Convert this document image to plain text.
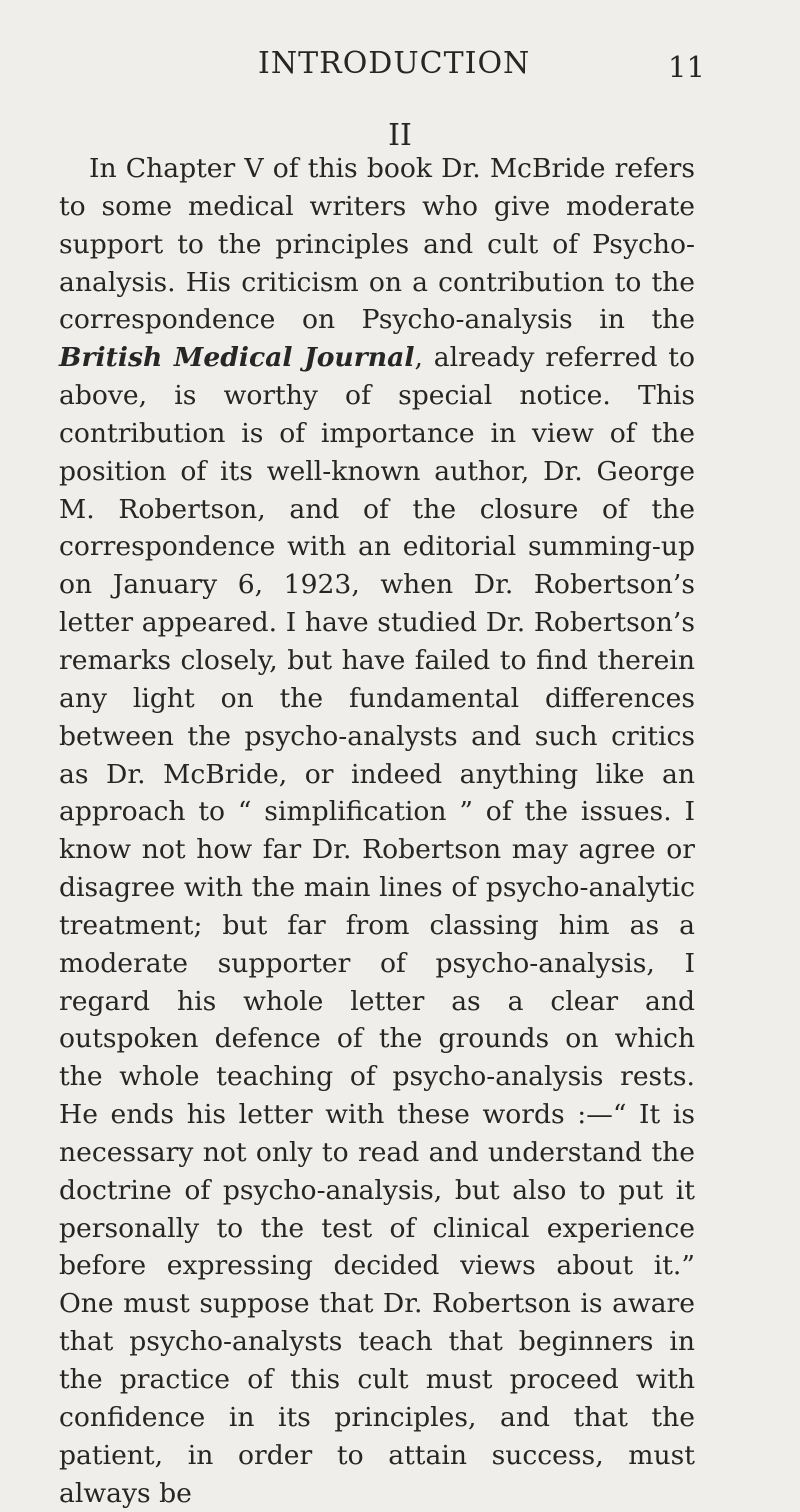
INTRODUCTION	11
II

In Chapter V of this book Dr. McBride refers to some medical writers who give moderate support to the principles and cult of Psycho-analysis. His criticism on a contribution to the correspondence on Psycho-analysis in the British Medical Journal, already referred to above, is worthy of special notice. This contribution is of importance in view of the position of its well-known author, Dr. George M. Robertson, and of the closure of the correspondence with an editorial summing-up on January 6, 1923, when Dr. Robertson’s letter appeared. I have studied Dr. Robertson’s remarks closely, but have failed to find therein any light on the fundamental differences between the psycho-analysts and such critics as Dr. McBride, or indeed anything like an approach to “ simplification ” of the issues. I know not how far Dr. Robertson may agree or disagree with the main lines of psycho-analytic treatment; but far from classing him as a moderate supporter of psycho-analysis, I regard his whole letter as a clear and outspoken defence of the grounds on which the whole teaching of psycho-analysis rests. He ends his letter with these words :—“ It is necessary not only to read and understand the doctrine of psycho-analysis, but also to put it personally to the test of clinical experience before expressing decided views about it.” One must suppose that Dr. Robertson is aware that psycho-analysts teach that beginners in the practice of this cult must proceed with confidence in its principles, and that the patient, in order to attain success, must always be
